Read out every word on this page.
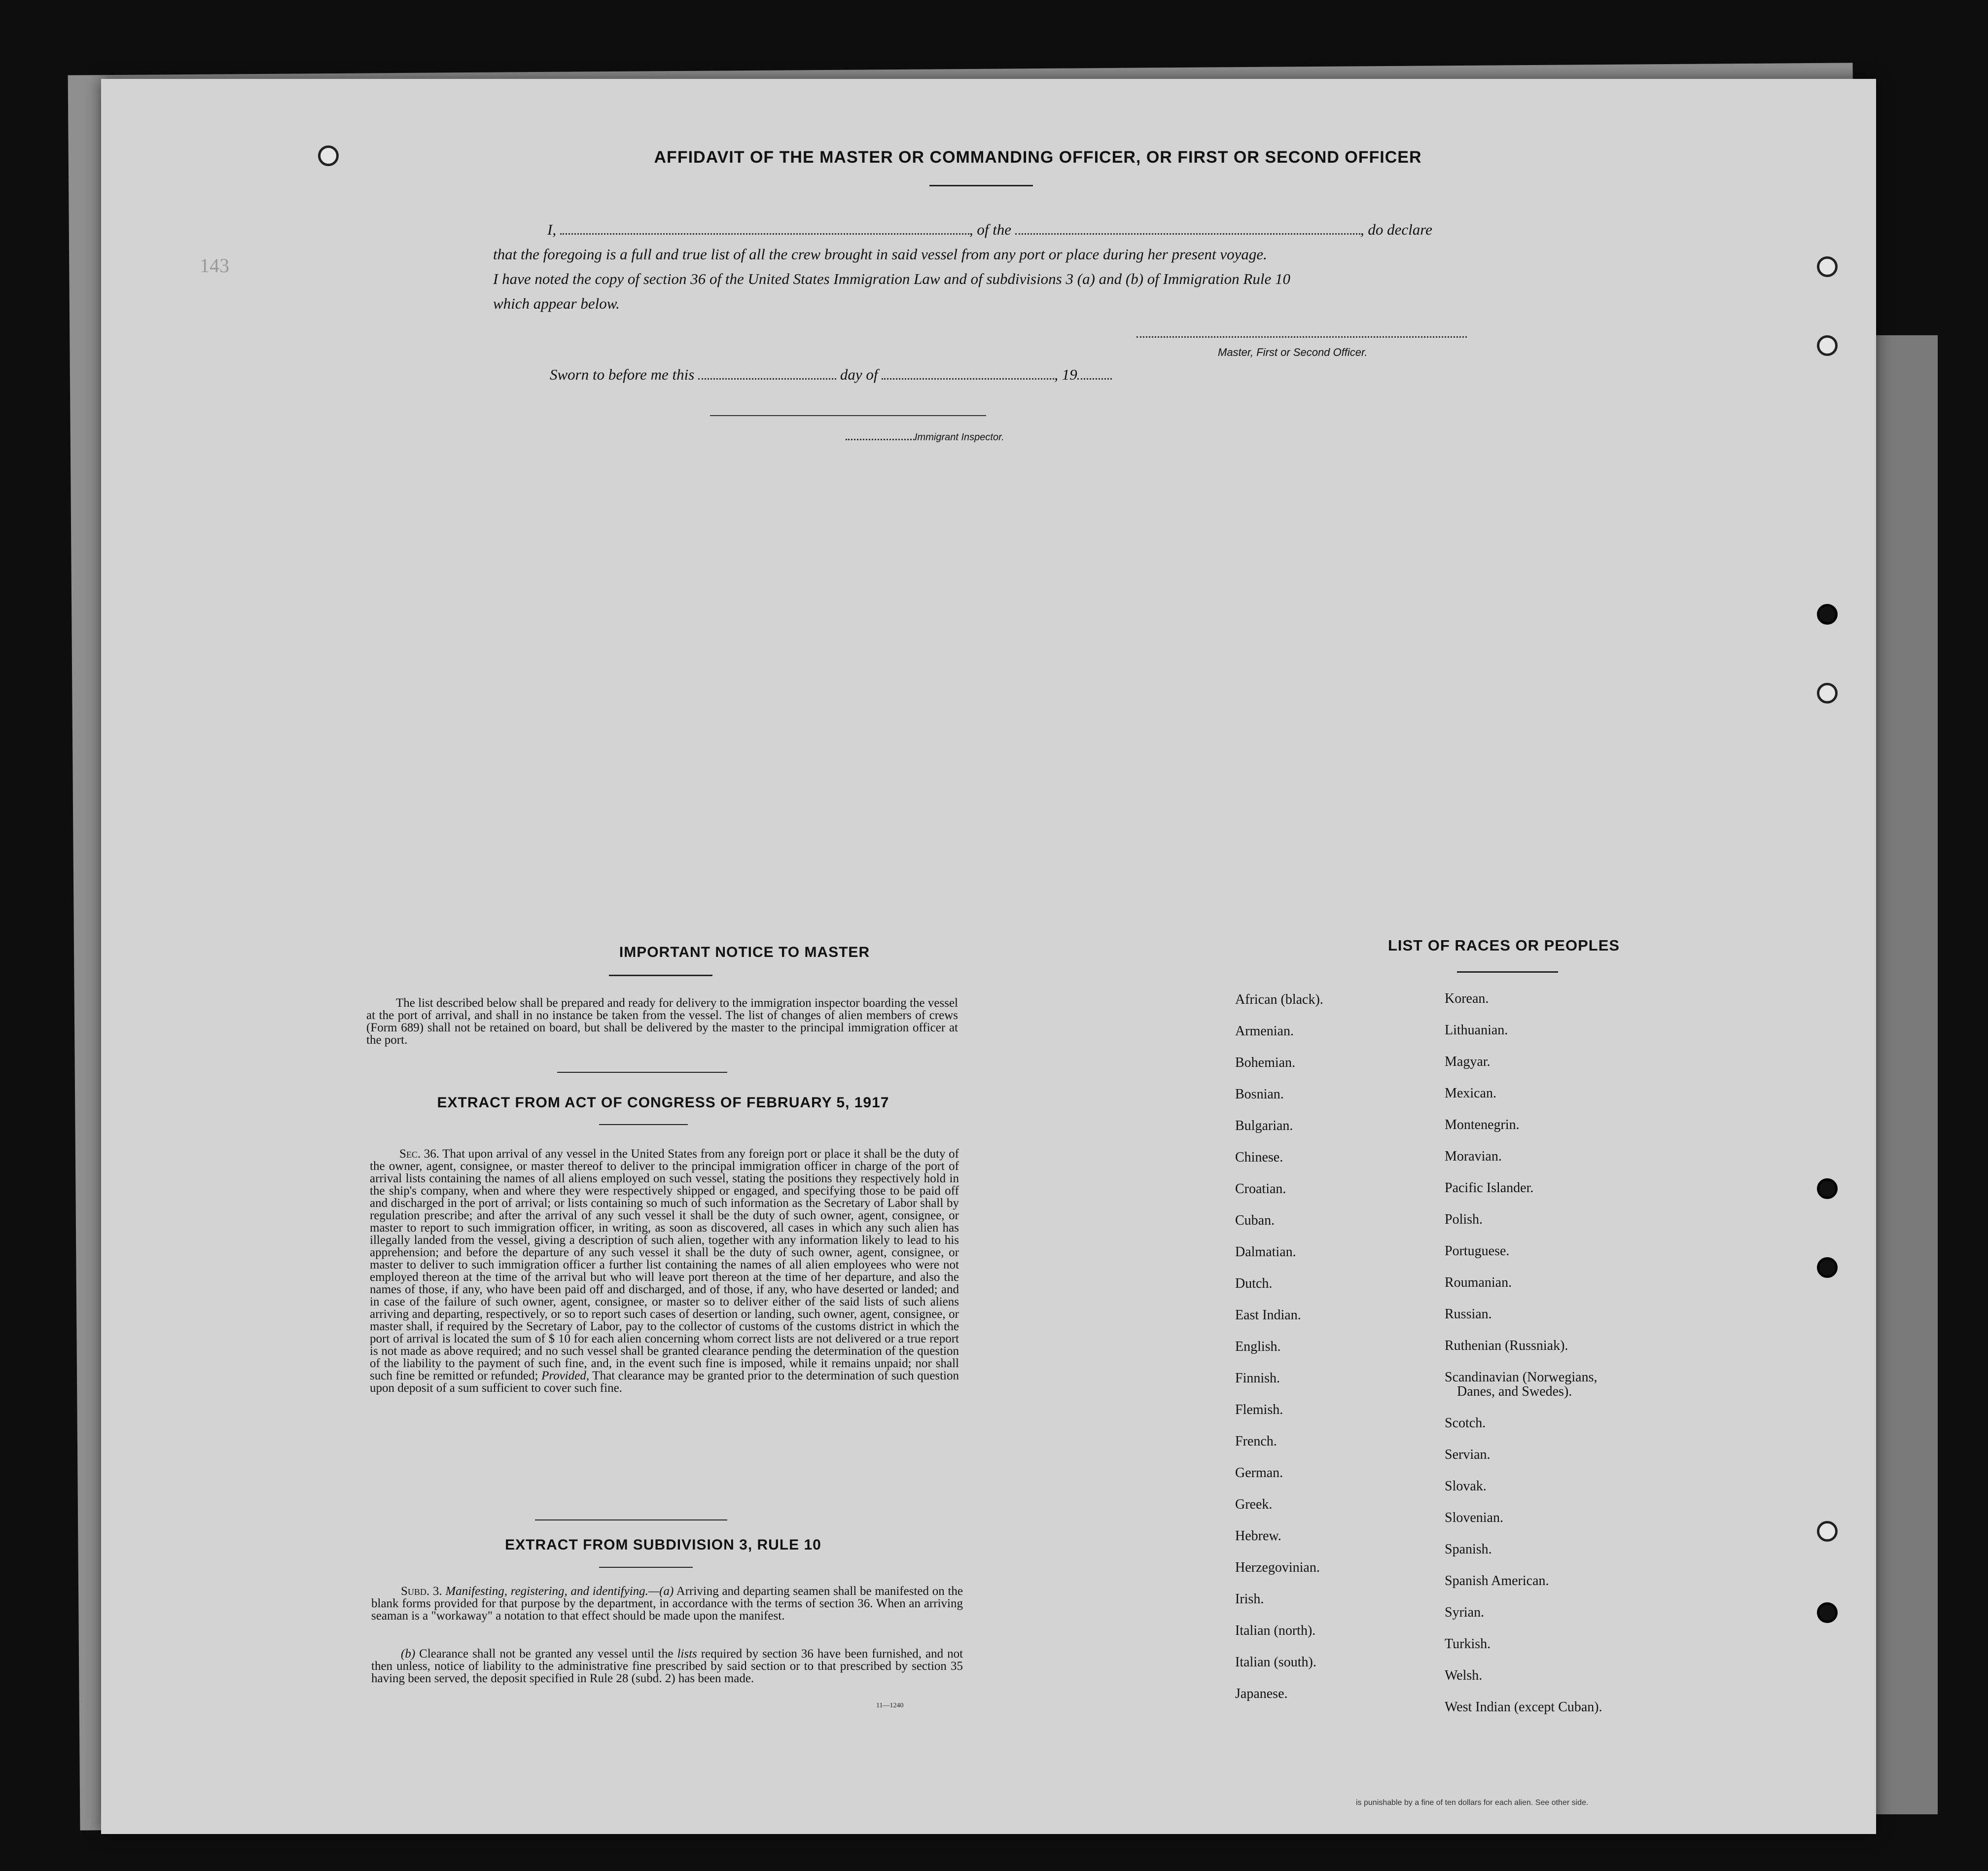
AFFIDAVIT OF THE MASTER OR COMMANDING OFFICER, OR FIRST OR SECOND OFFICER
I,	, of the	, do declare
that the foregoing is a full and true list of all the crew brought in said vessel from any port or place during her present voyage.
I have noted the copy of section 36 of the United States Immigration Law and of subdivisions 3 (a) and (b) of Immigration Rule 10
which appear below.
Master, First or Second Officer.
Sworn to before me this	day of	, 19
Immigrant Inspector.
IMPORTANT NOTICE TO MASTER
The list described below shall be prepared and ready for delivery to the immigration inspector boarding the vessel at the port of arrival, and shall in no instance be taken from the vessel. The list of changes of alien members of crews (Form 689) shall not be retained on board, but shall be delivered by the master to the principal immigration officer at the port.
EXTRACT FROM ACT OF CONGRESS OF FEBRUARY 5, 1917
Sec. 36. That upon arrival of any vessel in the United States from any foreign port or place it shall be the duty of the owner, agent, consignee, or master thereof to deliver to the principal immigration officer in charge of the port of arrival lists containing the names of all aliens employed on such vessel, stating the positions they respectively hold in the ship's company, when and where they were respectively shipped or engaged, and specifying those to be paid off and discharged in the port of arrival; or lists containing so much of such information as the Secretary of Labor shall by regulation prescribe; and after the arrival of any such vessel it shall be the duty of such owner, agent, consignee, or master to report to such immigration officer, in writing, as soon as discovered, all cases in which any such alien has illegally landed from the vessel, giving a description of such alien, together with any information likely to lead to his apprehension; and before the departure of any such vessel it shall be the duty of such owner, agent, consignee, or master to deliver to such immigration officer a further list containing the names of all alien employees who were not employed thereon at the time of the arrival but who will leave port thereon at the time of her departure, and also the names of those, if any, who have been paid off and discharged, and of those, if any, who have deserted or landed; and in case of the failure of such owner, agent, consignee, or master so to deliver either of the said lists of such aliens arriving and departing, respectively, or so to report such cases of desertion or landing, such owner, agent, consignee, or master shall, if required by the Secretary of Labor, pay to the collector of customs of the customs district in which the port of arrival is located the sum of $ 10 for each alien concerning whom correct lists are not delivered or a true report is not made as above required; and no such vessel shall be granted clearance pending the determination of the question of the liability to the payment of such fine, and, in the event such fine is imposed, while it remains unpaid; nor shall such fine be remitted or refunded; Provided, That clearance may be granted prior to the determination of such question upon deposit of a sum sufficient to cover such fine.
EXTRACT FROM SUBDIVISION 3, RULE 10
Subd. 3. Manifesting, registering, and identifying.—(a) Arriving and departing seamen shall be manifested on the blank forms provided for that purpose by the department, in accordance with the terms of section 36. When an arriving seaman is a "workaway" a notation to that effect should be made upon the manifest.
(b) Clearance shall not be granted any vessel until the lists required by section 36 have been furnished, and not then unless, notice of liability to the administrative fine prescribed by said section or to that prescribed by section 35 having been served, the deposit specified in Rule 28 (subd. 2) has been made.
11—1240
LIST OF RACES OR PEOPLES
143
is punishable by a fine of ten dollars for each alien. See other side.
African (black).
Armenian.
Bohemian.
Bosnian.
Bulgarian.
Chinese.
Croatian.
Cuban.
Dalmatian.
Dutch.
East Indian.
English.
Finnish.
Flemish.
French.
German.
Greek.
Hebrew.
Herzegovinian.
Irish.
Italian (north).
Italian (south).
Japanese.
Korean.
Lithuanian.
Magyar.
Mexican.
Montenegrin.
Moravian.
Pacific Islander.
Polish.
Portuguese.
Roumanian.
Russian.
Ruthenian (Russniak).
Scandinavian (Norwegians,
Danes, and Swedes).
Scotch.
Servian.
Slovak.
Slovenian.
Spanish.
Spanish American.
Syrian.
Turkish.
Welsh.
West Indian (except Cuban).
